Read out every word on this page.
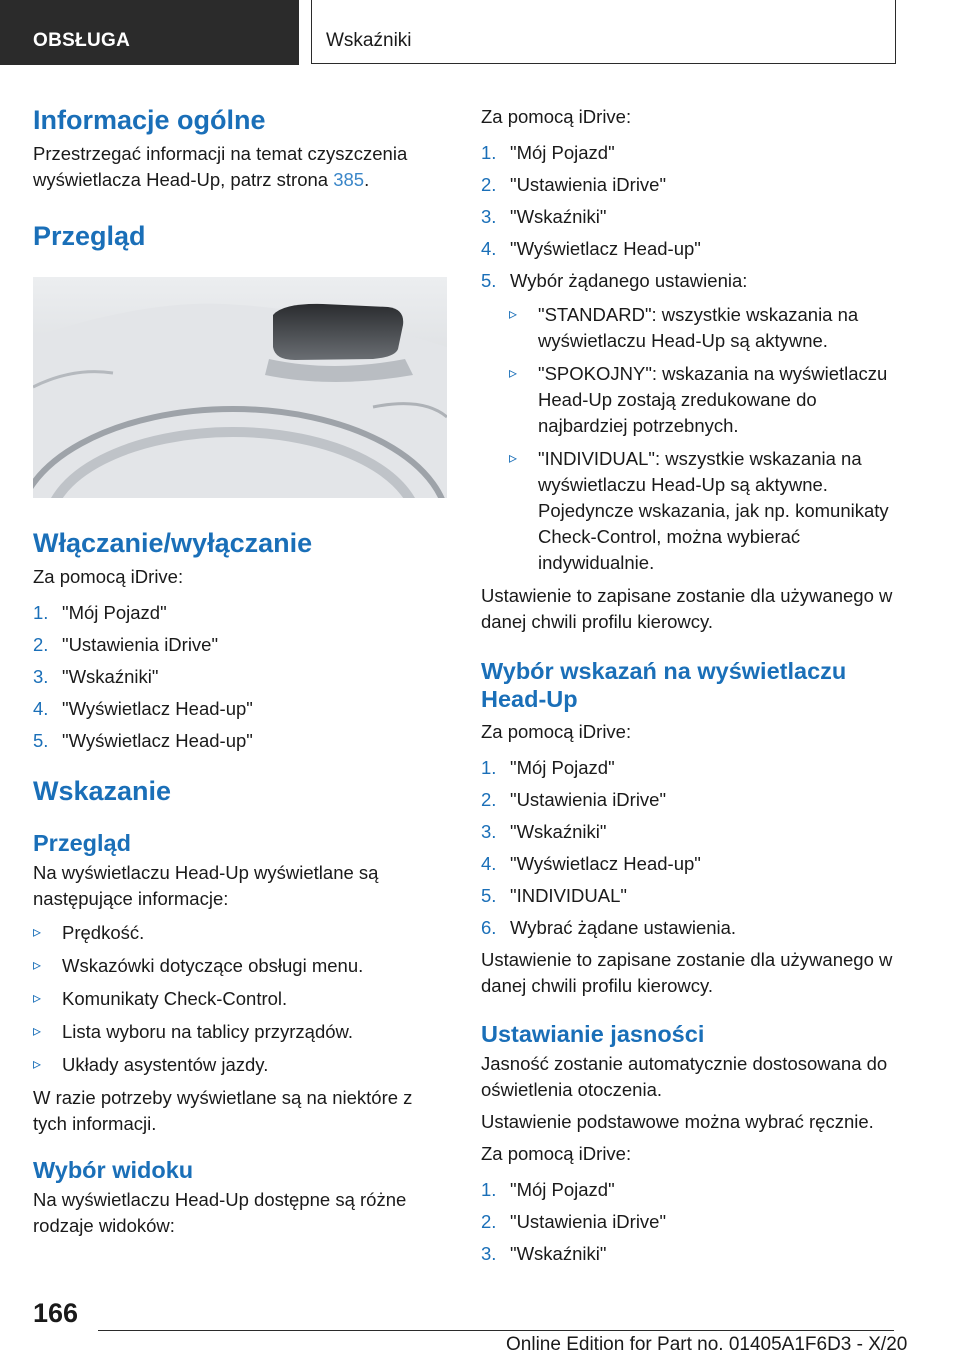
OBSŁUGA	Wskaźniki
Informacje ogólne

Przestrzegać informacji na temat czyszczenia wyświetlacza Head-Up, patrz strona 385.

Przegląd
Włączanie/wyłączanie

Za pomocą iDrive:

1. "Mój Pojazd"
2. "Ustawienia iDrive"
3. "Wskaźniki"
4. "Wyświetlacz Head-up"
5. "Wyświetlacz Head-up"
Wskazanie
Przegląd

Na wyświetlaczu Head-Up wyświetlane są następujące informacje:

▹ Prędkość.
▹ Wskazówki dotyczące obsługi menu.
▹ Komunikaty Check-Control.
▹ Lista wyboru na tablicy przyrządów.
▹ Układy asystentów jazdy.

W razie potrzeby wyświetlane są na niektóre z tych informacji.

Wybór widoku

Na wyświetlaczu Head-Up dostępne są różne rodzaje widoków:

Za pomocą iDrive:

1. "Mój Pojazd"
2. "Ustawienia iDrive"
3. "Wskaźniki"
4. "Wyświetlacz Head-up"
5. Wybór żądanego ustawienia:
▹ "STANDARD": wszystkie wskazania na wyświetlaczu Head-Up są aktywne.
▹ "SPOKOJNY": wskazania na wyświetlaczu Head-Up zostają zredukowane do najbardziej potrzebnych.
▹ "INDIVIDUAL": wszystkie wskazania na wyświetlaczu Head-Up są aktywne. Pojedyncze wskazania, jak np. komunikaty Check-Control, można wybierać indywidualnie.

Ustawienie to zapisane zostanie dla używanego w danej chwili profilu kierowcy.

Wybór wskazań na wyświetlaczu Head-Up

Za pomocą iDrive:

1. "Mój Pojazd"
2. "Ustawienia iDrive"
3. "Wskaźniki"
4. "Wyświetlacz Head-up"
5. "INDIVIDUAL"
6. Wybrać żądane ustawienia.

Ustawienie to zapisane zostanie dla używanego w danej chwili profilu kierowcy.

Ustawianie jasności

Jasność zostanie automatycznie dostosowana do oświetlenia otoczenia.

Ustawienie podstawowe można wybrać ręcznie.

Za pomocą iDrive:

1. "Mój Pojazd"
2. "Ustawienia iDrive"
3. "Wskaźniki"
166
Online Edition for Part no. 01405A1F6D3 - X/20
